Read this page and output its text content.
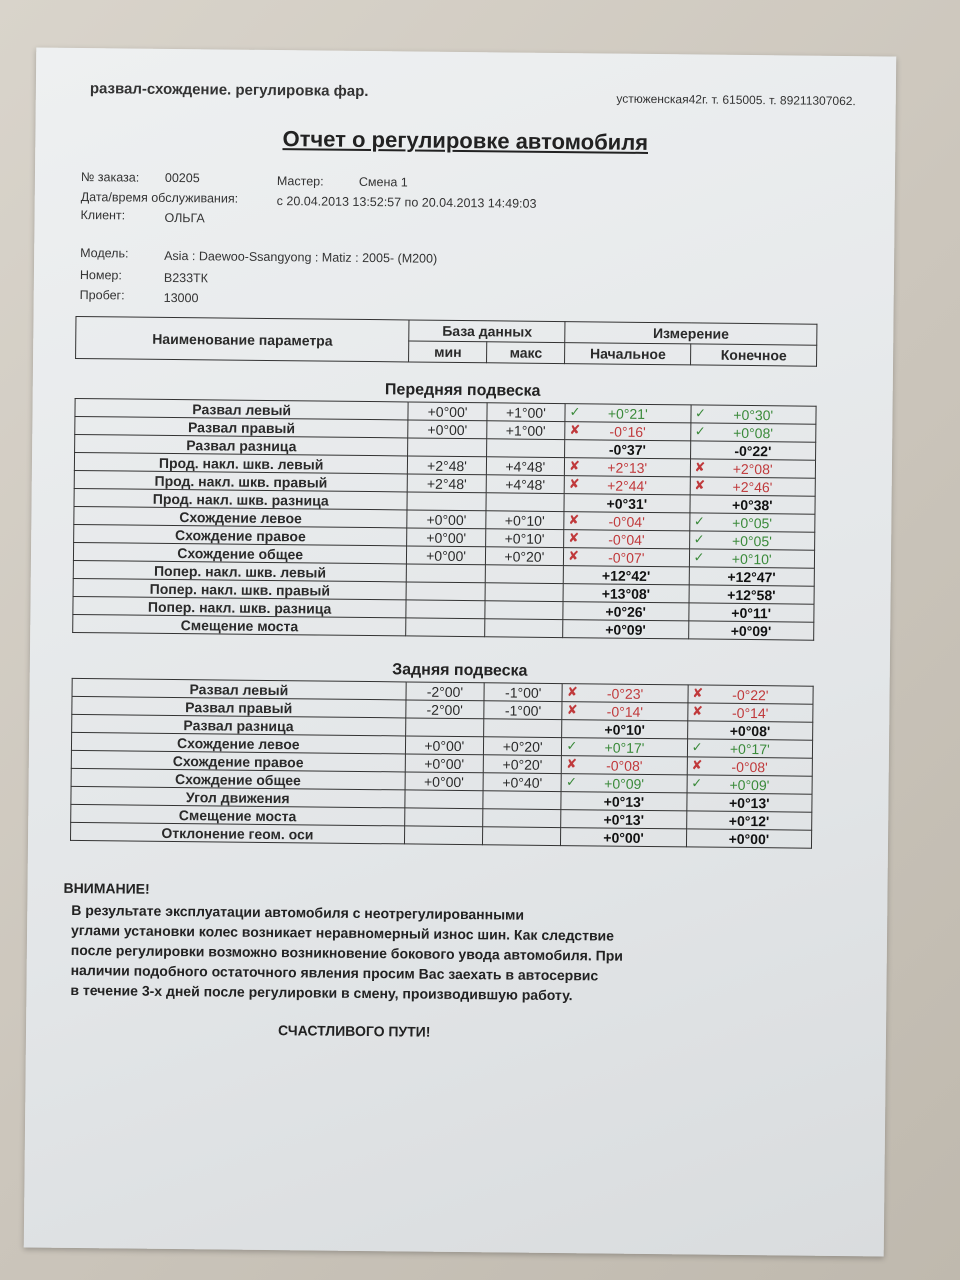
развал-схождение. регулировка фар.	устюженская42г. т. 615005. т. 89211307062.
Отчет о регулировке автомобиля
№ заказа: 00205	Мастер:	Смена 1
Дата/время обслуживания:	с 20.04.2013 13:52:57 по 20.04.2013 14:49:03
Клиент:	ОЛЬГА
Модель:	Asia : Daewoo-Ssangyong : Matiz : 2005- (M200)
Номер:	В233ТК
Пробег:	13000
Наименование параметра	База данных		Измерение	
	мин	макс	Начальное	Конечное
Передняя подвеска
Развал левый	+0°00'	+1°00'	✓ +0°21'	✓ +0°30'
Развал правый	+0°00'	+1°00'	✘ -0°16'	✓ +0°08'
Развал разница			-0°37'	-0°22'
Прод. накл. шкв. левый	+2°48'	+4°48'	✘ +2°13'	✘ +2°08'
Прод. накл. шкв. правый	+2°48'	+4°48'	✘ +2°44'	✘ +2°46'
Прод. накл. шкв. разница			+0°31'	+0°38'
Схождение левое	+0°00'	+0°10'	✘ -0°04'	✓ +0°05'
Схождение правое	+0°00'	+0°10'	✘ -0°04'	✓ +0°05'
Схождение общее	+0°00'	+0°20'	✘ -0°07'	✓ +0°10'
Попер. накл. шкв. левый			+12°42'	+12°47'
Попер. накл. шкв. правый			+13°08'	+12°58'
Попер. накл. шкв. разница			+0°26'	+0°11'
Смещение моста			+0°09'	+0°09'
Задняя подвеска
Развал левый	-2°00'	-1°00'	✘ -0°23'	✘ -0°22'
Развал правый	-2°00'	-1°00'	✘ -0°14'	✘ -0°14'
Развал разница			+0°10'	+0°08'
Схождение левое	+0°00'	+0°20'	✓ +0°17'	✓ +0°17'
Схождение правое	+0°00'	+0°20'	✘ -0°08'	✘ -0°08'
Схождение общее	+0°00'	+0°40'	✓ +0°09'	✓ +0°09'
Угол движения			+0°13'	+0°13'
Смещение моста			+0°13'	+0°12'
Отклонение геом. оси			+0°00'	+0°00'
ВНИМАНИЕ!
В результате эксплуатации автомобиля с неотрегулированными
углами установки колес возникает неравномерный износ шин. Как следствие
после регулировки возможно возникновение бокового увода автомобиля. При
наличии подобного остаточного явления просим Вас заехать в автосервис
в течение 3-х дней после регулировки в смену, производившую работу.
СЧАСТЛИВОГО ПУТИ!
